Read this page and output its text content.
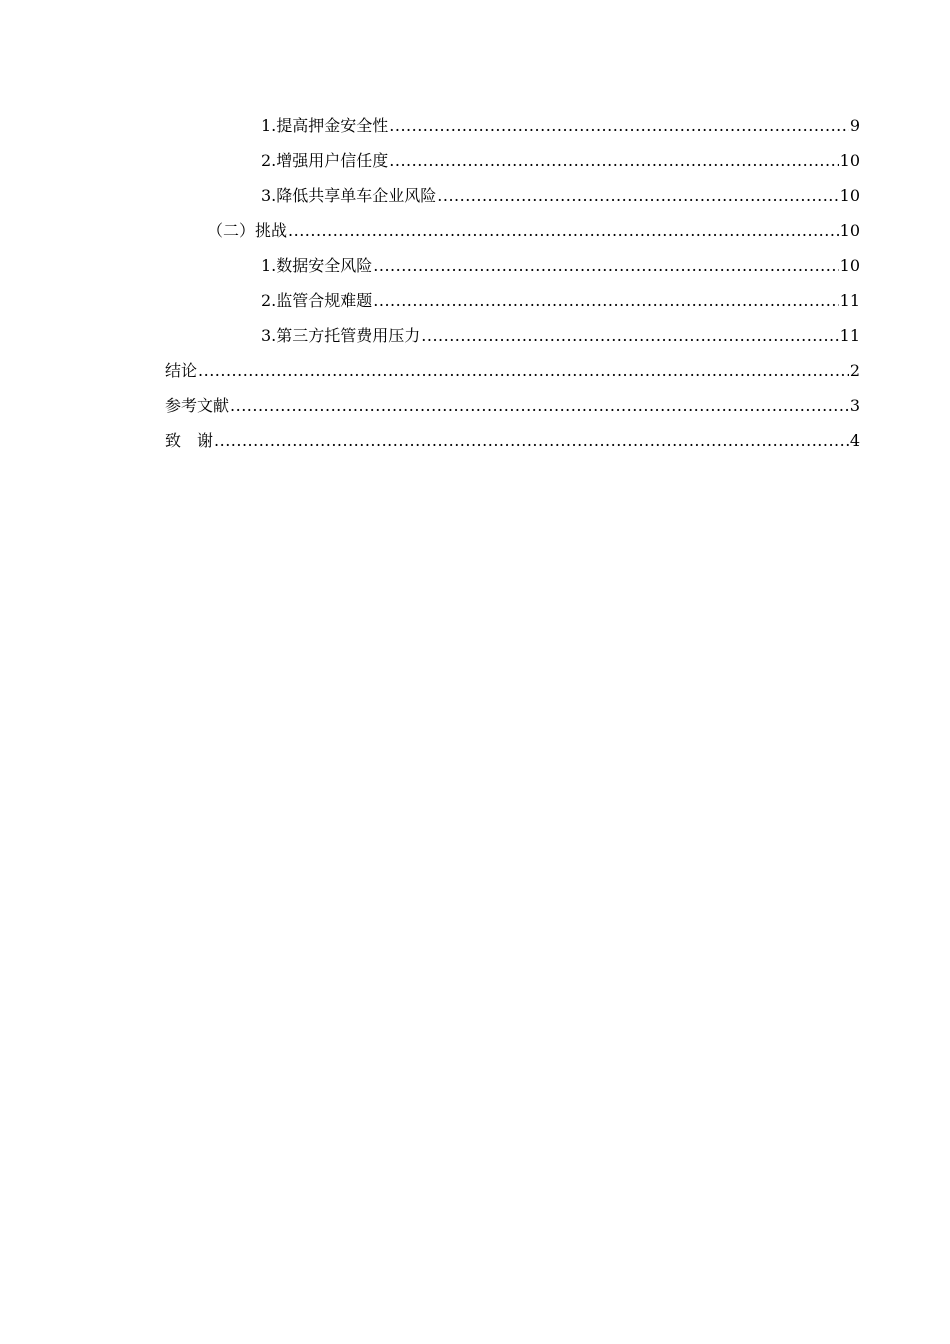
1.提高押金安全性 .....	9
2.增强用户信任度 .....	10
3.降低共享单车企业风险 .....	10
（二）挑战 .....	10
1.数据安全风险 .....	10
2.监管合规难题 .....	11
3.第三方托管费用压力 .....	11
结论 .....	2
参考文献 .....	3
致　谢 .....	4
